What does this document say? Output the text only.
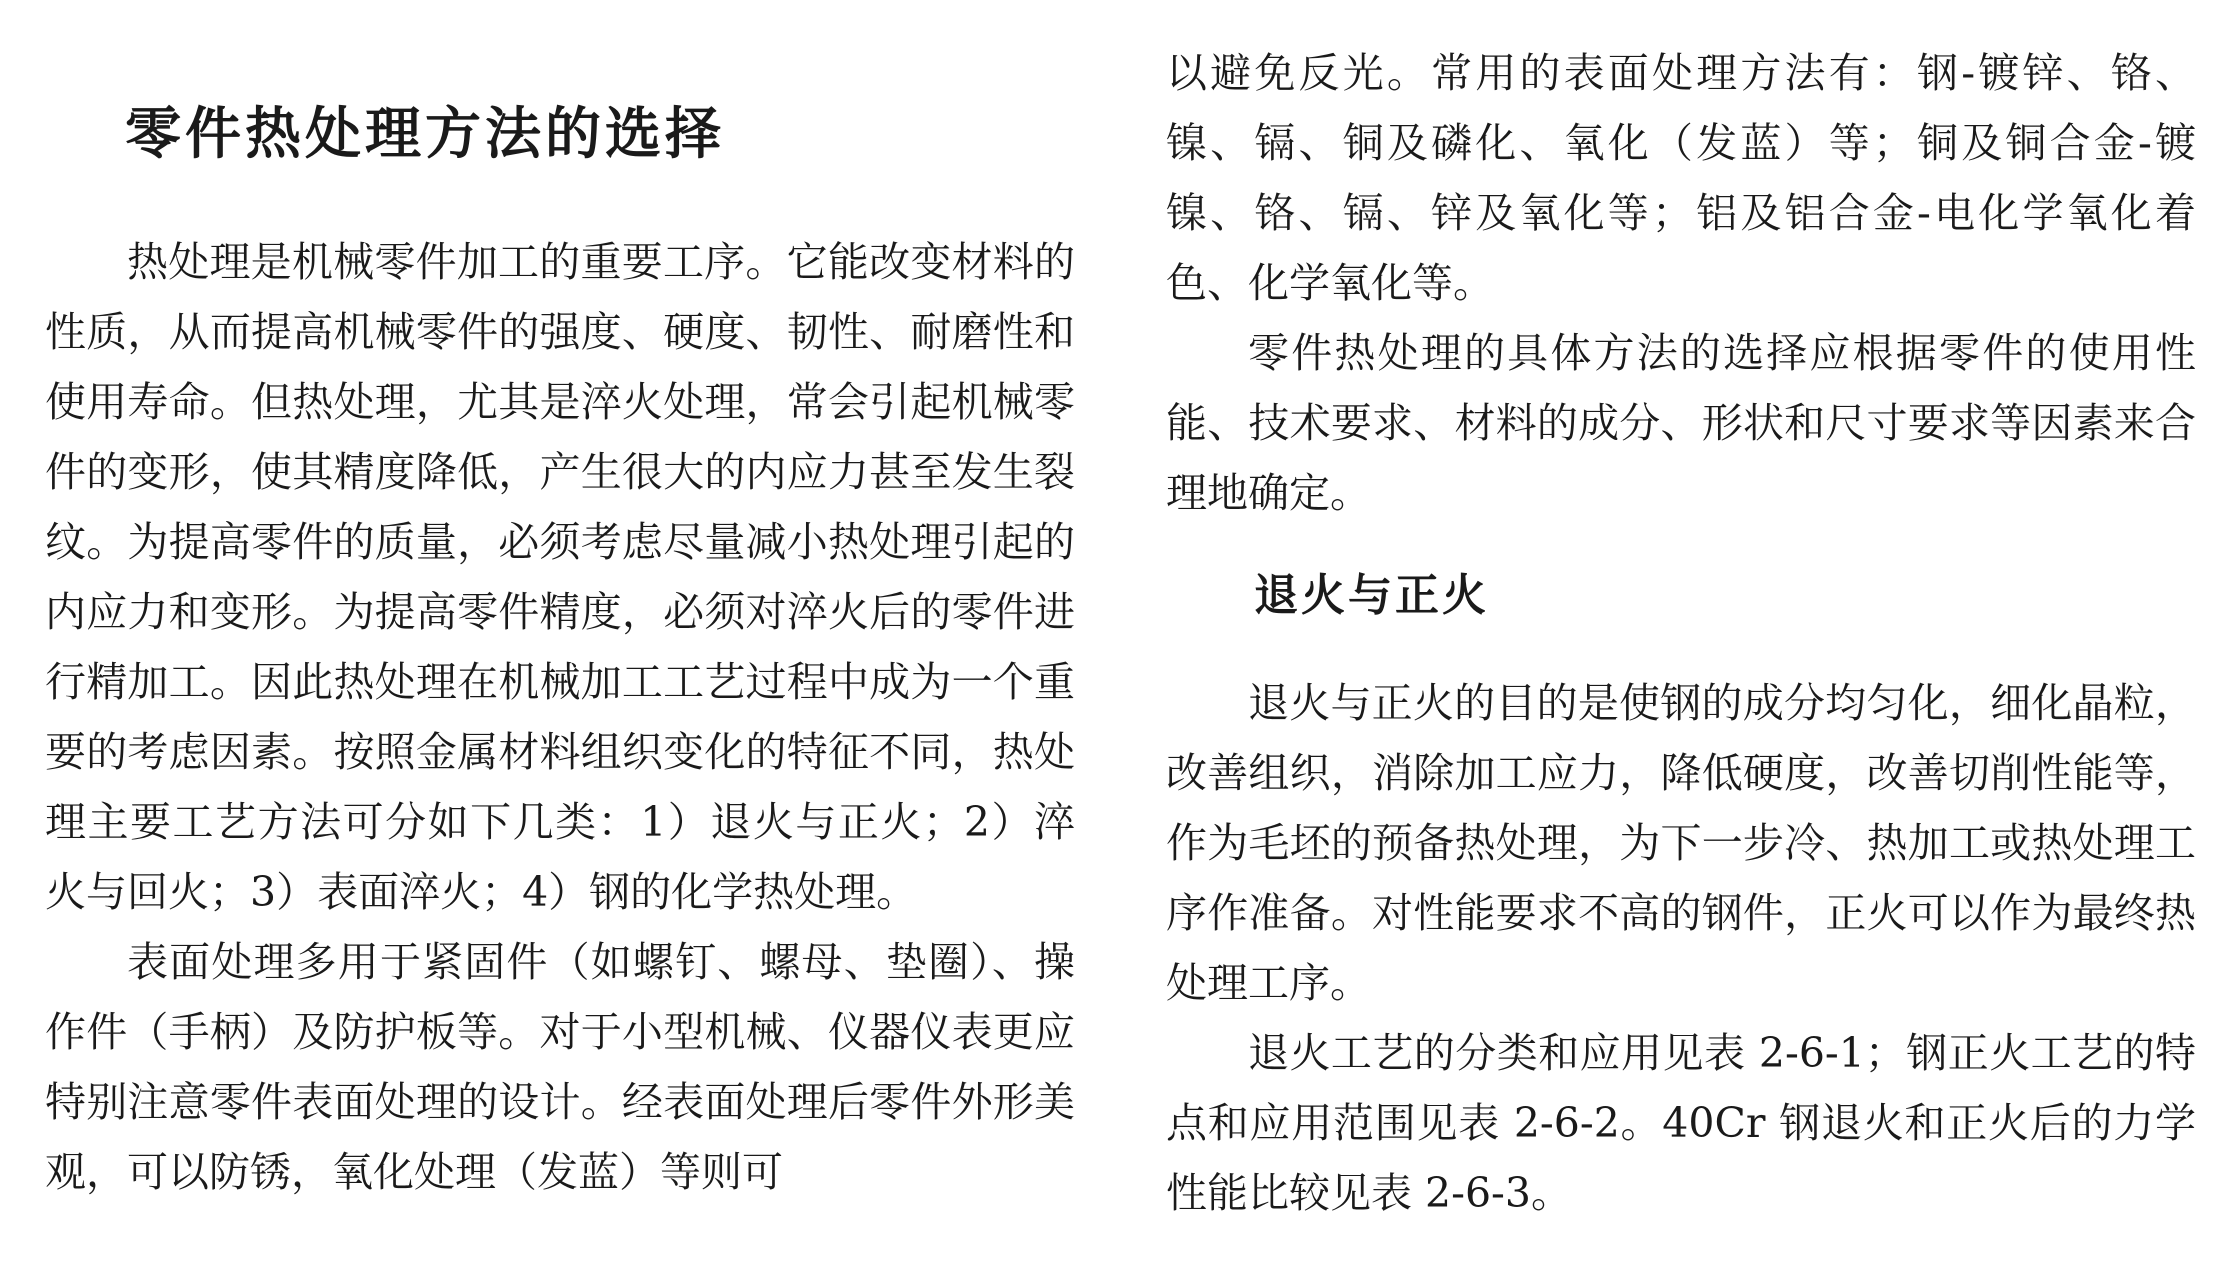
零件热处理方法的选择

热处理是机械零件加工的重要工序。它能改变材料的性质，从而提高机械零件的强度、硬度、韧性、耐磨性和使用寿命。但热处理，尤其是淬火处理，常会引起机械零件的变形，使其精度降低，产生很大的内应力甚至发生裂纹。为提高零件的质量，必须考虑尽量减小热处理引起的内应力和变形。为提高零件精度，必须对淬火后的零件进行精加工。因此热处理在机械加工工艺过程中成为一个重要的考虑因素。按照金属材料组织变化的特征不同，热处理主要工艺方法可分如下几类：1）退火与正火；2）淬火与回火；3）表面淬火；4）钢的化学热处理。

表面处理多用于紧固件（如螺钉、螺母、垫圈）、操作件（手柄）及防护板等。对于小型机械、仪器仪表更应特别注意零件表面处理的设计。经表面处理后零件外形美观，可以防锈，氧化处理（发蓝）等则可

以避免反光。常用的表面处理方法有：钢-镀锌、铬、镍、镉、铜及磷化、氧化（发蓝）等；铜及铜合金-镀镍、铬、镉、锌及氧化等；铝及铝合金-电化学氧化着色、化学氧化等。

零件热处理的具体方法的选择应根据零件的使用性能、技术要求、材料的成分、形状和尺寸要求等因素来合理地确定。

退火与正火

退火与正火的目的是使钢的成分均匀化，细化晶粒，改善组织，消除加工应力，降低硬度，改善切削性能等，作为毛坯的预备热处理，为下一步冷、热加工或热处理工序作准备。对性能要求不高的钢件，正火可以作为最终热处理工序。

退火工艺的分类和应用见表 2-6-1；钢正火工艺的特点和应用范围见表 2-6-2。40Cr 钢退火和正火后的力学性能比较见表 2-6-3。
